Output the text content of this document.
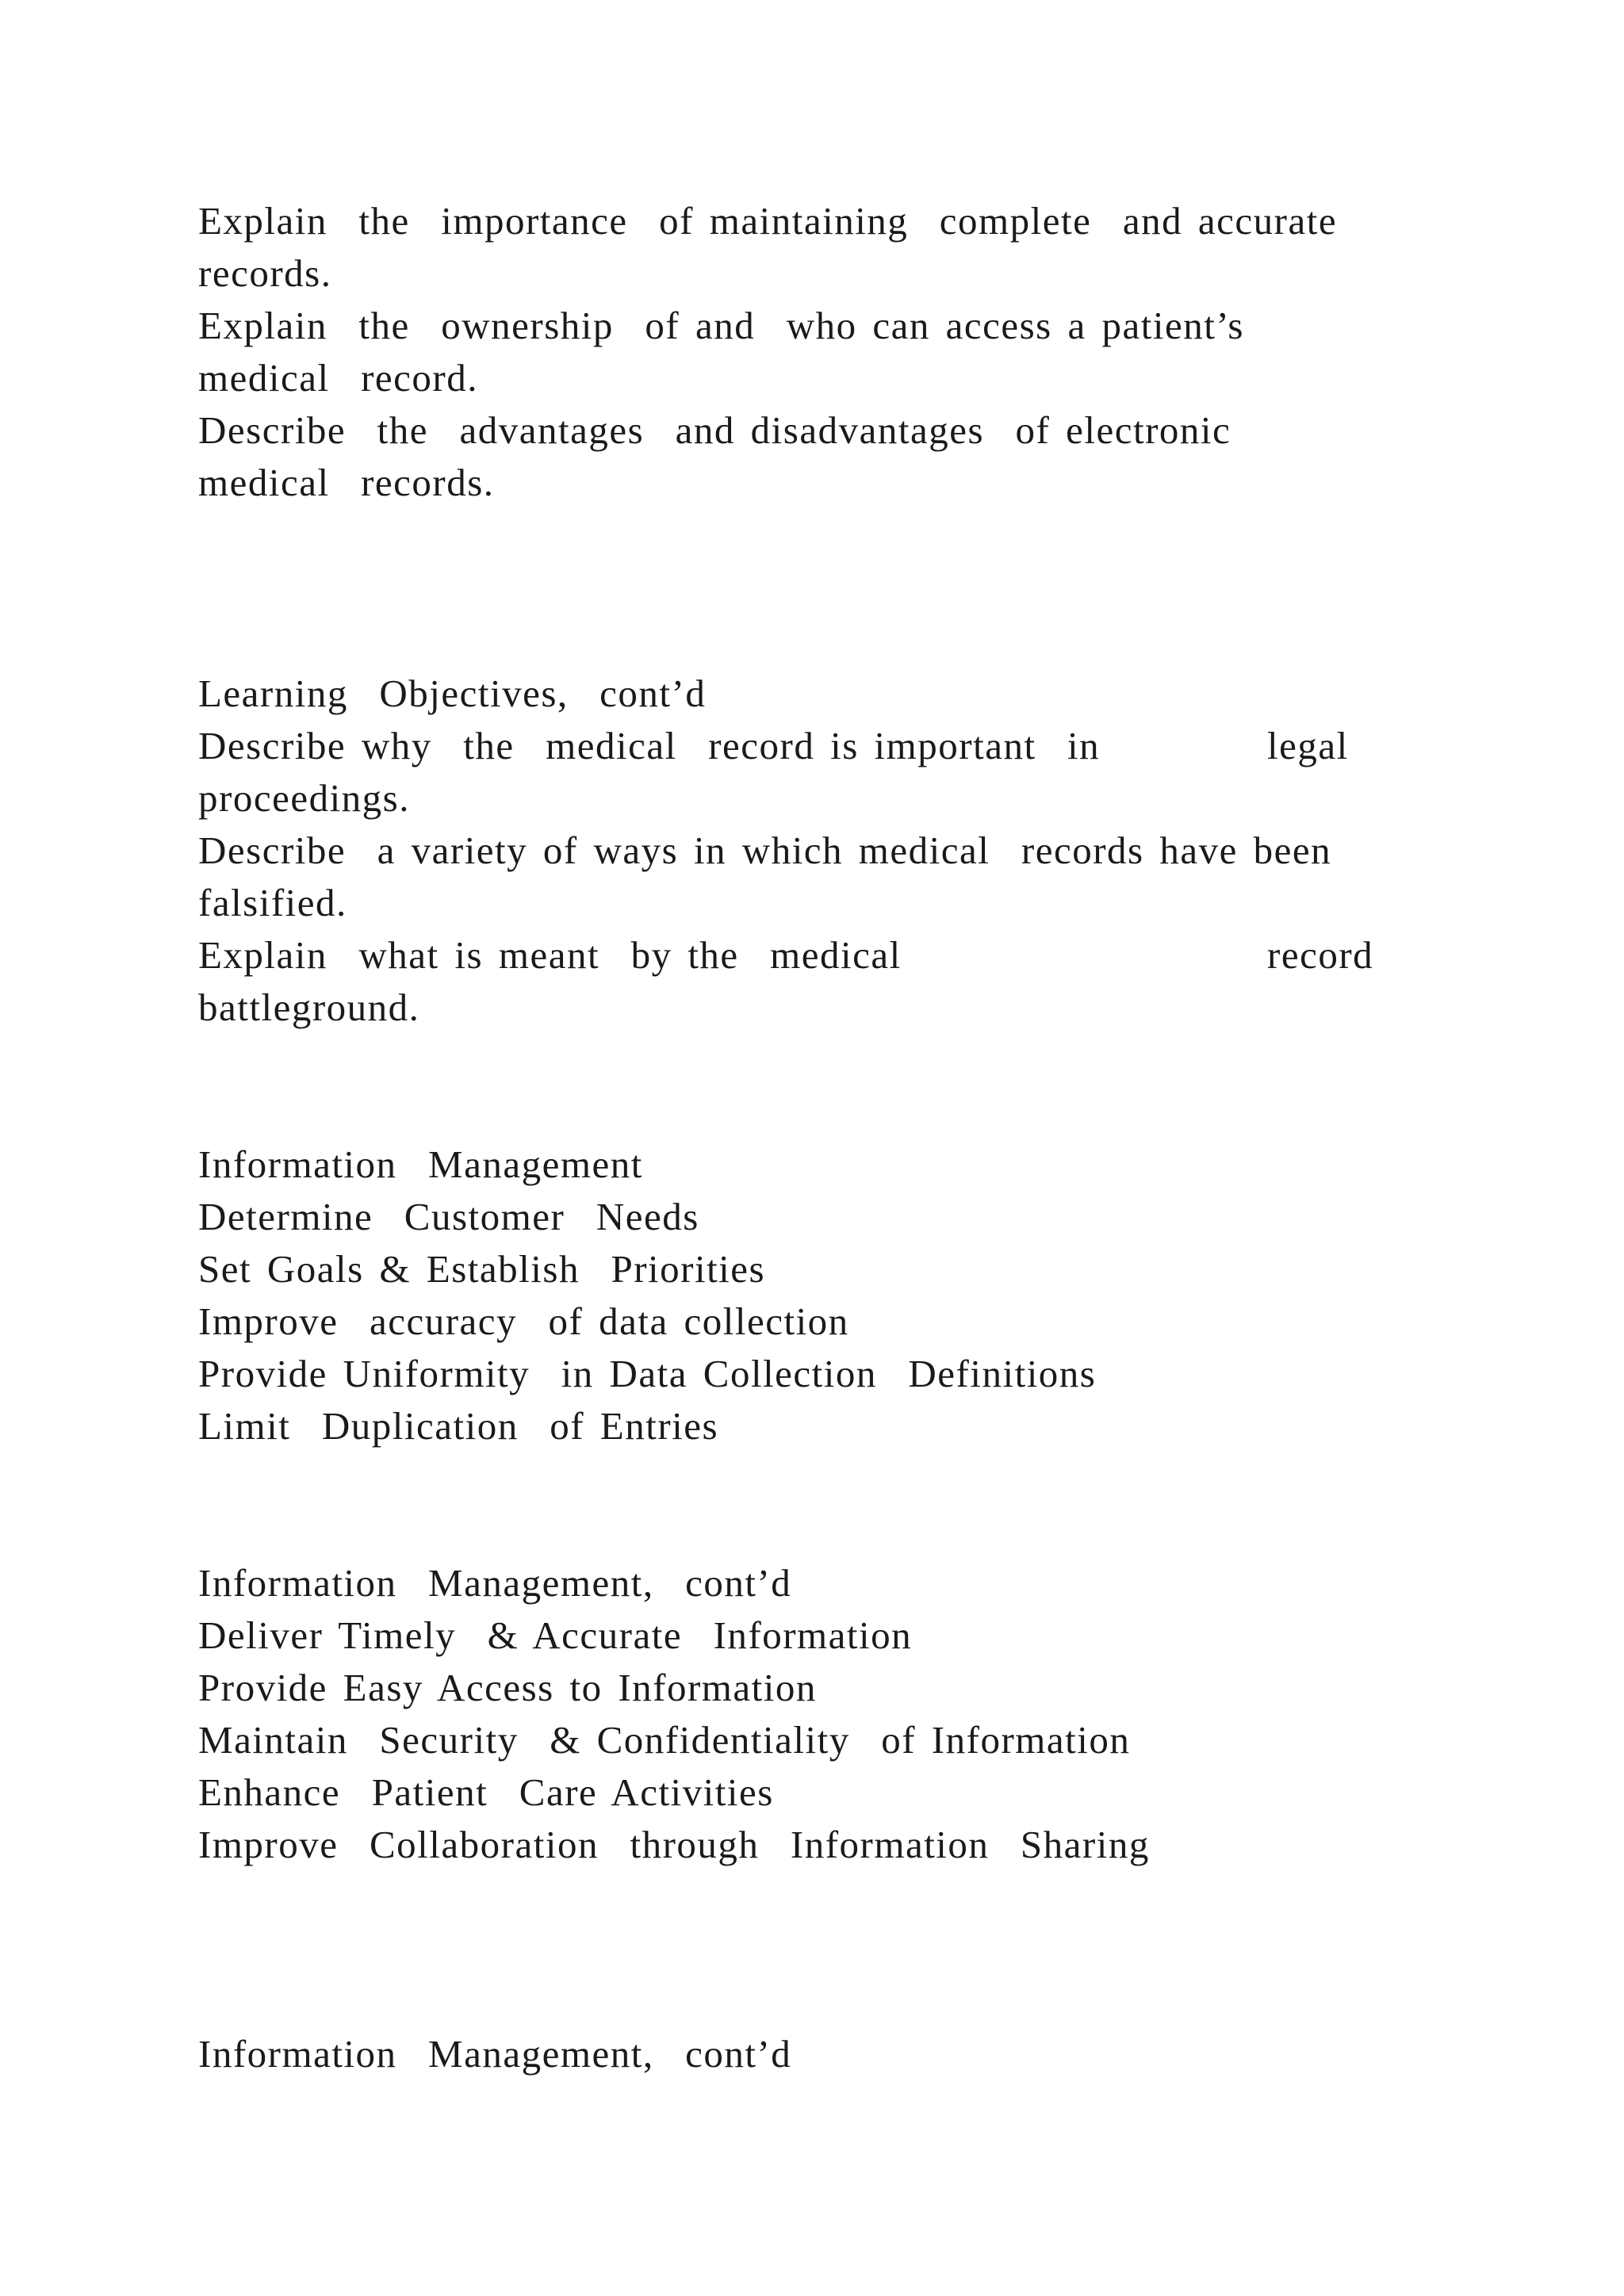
Explain  the  importance  of maintaining  complete  and accurate

records.

Explain  the  ownership  of and  who can access a patient’s

medical  record.

Describe  the  advantages  and disadvantages  of electronic

medical  records.

Learning  Objectives,  cont’d

Describe why  the  medical  record is important  in	legal

proceedings.

Describe  a variety of ways in which medical  records have been

falsified.

Explain  what is meant  by the  medical	record

battleground.

Information  Management

Determine  Customer  Needs

Set Goals & Establish  Priorities

Improve  accuracy  of data collection

Provide Uniformity  in Data Collection  Definitions

Limit  Duplication  of Entries

Information  Management,  cont’d

Deliver Timely  & Accurate  Information

Provide Easy Access to Information

Maintain  Security  & Confidentiality  of Information

Enhance  Patient  Care Activities

Improve  Collaboration  through  Information  Sharing

Information  Management,  cont’d
